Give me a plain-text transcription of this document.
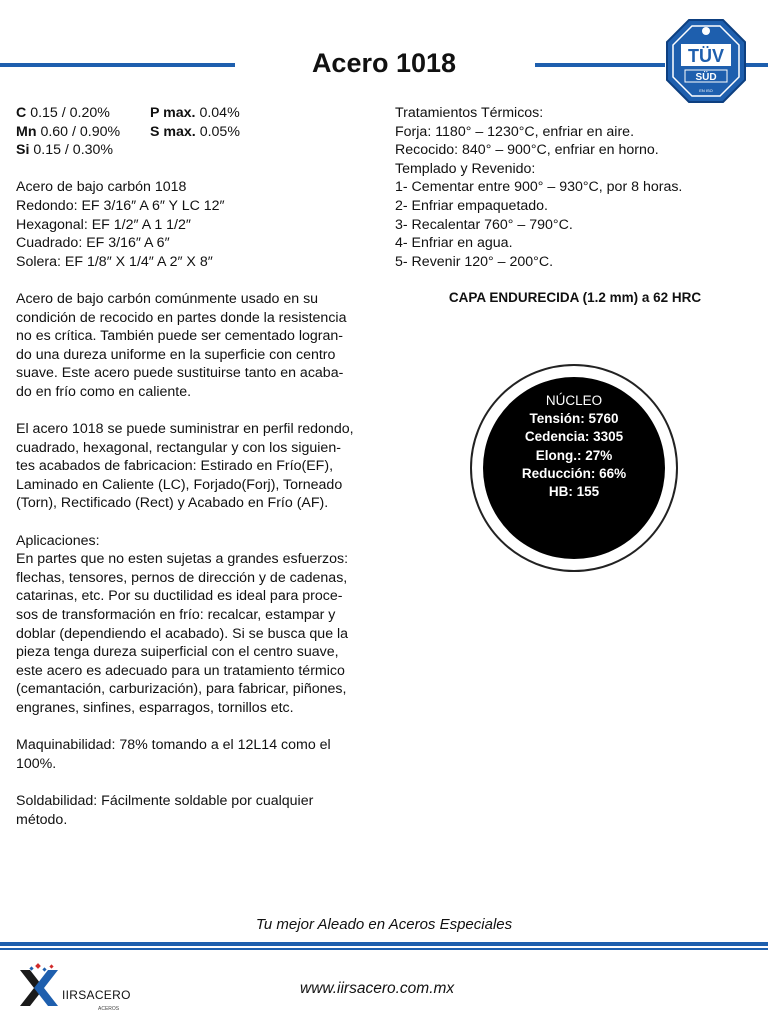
Acero 1018	TÜV
SÜD
EN ISO
C 0.15 / 0.20%	P max. 0.04%
Mn 0.60 / 0.90%	S max. 0.05%
Si 0.15 / 0.30%
Acero de bajo carbón 1018
Redondo: EF 3/16″ A 6″ Y LC 12″
Hexagonal: EF 1/2″ A 1 1/2″
Cuadrado: EF 3/16″ A 6″
Solera: EF 1/8″ X 1/4″ A 2″ X 8″
Acero de bajo carbón comúnmente usado en su
condición de recocido en partes donde la resistencia
no es crítica. También puede ser cementado logran-
do una dureza uniforme en la superficie con centro
suave. Este acero puede sustituirse tanto en acaba-
do en frío como en caliente.
El acero 1018 se puede suministrar en perfil redondo,
cuadrado, hexagonal, rectangular y con los siguien-
tes acabados de fabricacion: Estirado en Frío(EF),
Laminado en Caliente (LC), Forjado(Forj), Torneado
(Torn), Rectificado (Rect) y Acabado en Frío (AF).
Aplicaciones:
En partes que no esten sujetas a grandes esfuerzos:
flechas, tensores, pernos de dirección y de cadenas,
catarinas, etc. Por su ductilidad es ideal para proce-
sos de transformación en frío: recalcar, estampar y
doblar (dependiendo el acabado). Si se busca que la
pieza tenga dureza suiperficial con el centro suave,
este acero es adecuado para un tratamiento térmico
(cemantación, carburización), para fabricar, piñones,
engranes, sinfines, esparragos, tornillos etc.
Maquinabilidad: 78% tomando a el 12L14 como el
100%.
Soldabilidad: Fácilmente soldable por cualquier
método.
Tratamientos Térmicos:
Forja: 1180° – 1230°C, enfriar en aire.
Recocido: 840° – 900°C, enfriar en horno.
Templado y Revenido:
1- Cementar entre 900° – 930°C, por 8 horas.
2- Enfriar empaquetado.
3- Recalentar 760° – 790°C.
4- Enfriar en agua.
5- Revenir 120° – 200°C.
CAPA ENDURECIDA (1.2 mm) a 62 HRC
NÚCLEO
Tensión: 5760
Cedencia: 3305
Elong.: 27%
Reducción: 66%
HB: 155
Tu mejor Aleado en Aceros Especiales
IIRSACERO
ACEROS
www.iirsacero.com.mx
